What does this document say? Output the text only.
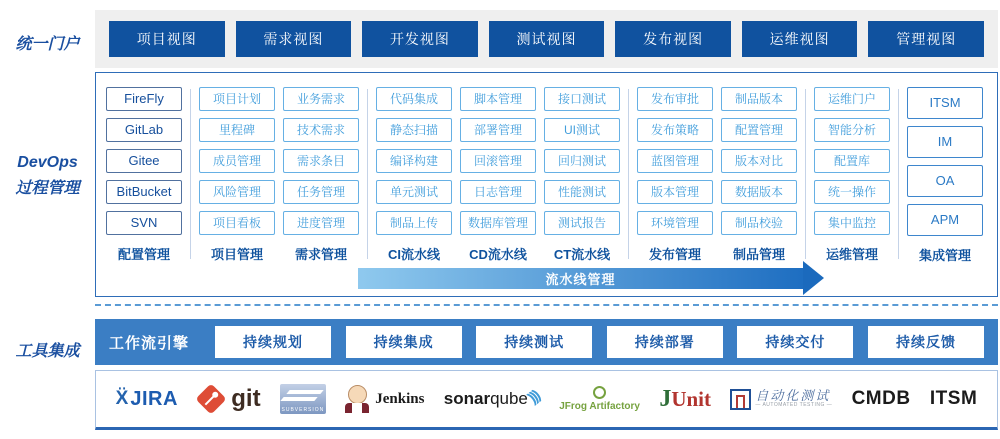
统一门户
DevOps
过程管理
工具集成
项目视图	需求视图	开发视图	测试视图	发布视图	运维视图	管理视图
FireFly
GitLab
Gitee
BitBucket
SVN
配置管理
项目计划
里程碑
成员管理
风险管理
项目看板
项目管理
业务需求
技术需求
需求条目
任务管理
进度管理
需求管理
代码集成
静态扫描
编译构建
单元测试
制品上传
CI流水线
脚本管理
部署管理
回滚管理
日志管理
数据库管理
CD流水线
接口测试
UI测试
回归测试
性能测试
测试报告
CT流水线
发布审批
发布策略
蓝图管理
版本管理
环境管理
发布管理
制品版本
配置管理
版本对比
数据版本
制品校验
制品管理
运维门户
智能分析
配置库
统一操作
集中监控
运维管理
ITSM
IM
OA
APM
集成管理
流水线管理
工作流引擎	持续规划	持续集成	持续测试	持续部署	持续交付	持续反馈
Ẍ JIRA git	SUBVERSION
Jenkins sonar qube
)))
JFrog Artifactory J Unit	自动化测试
— AUTOMATED TESTING — CMDB ITSM
